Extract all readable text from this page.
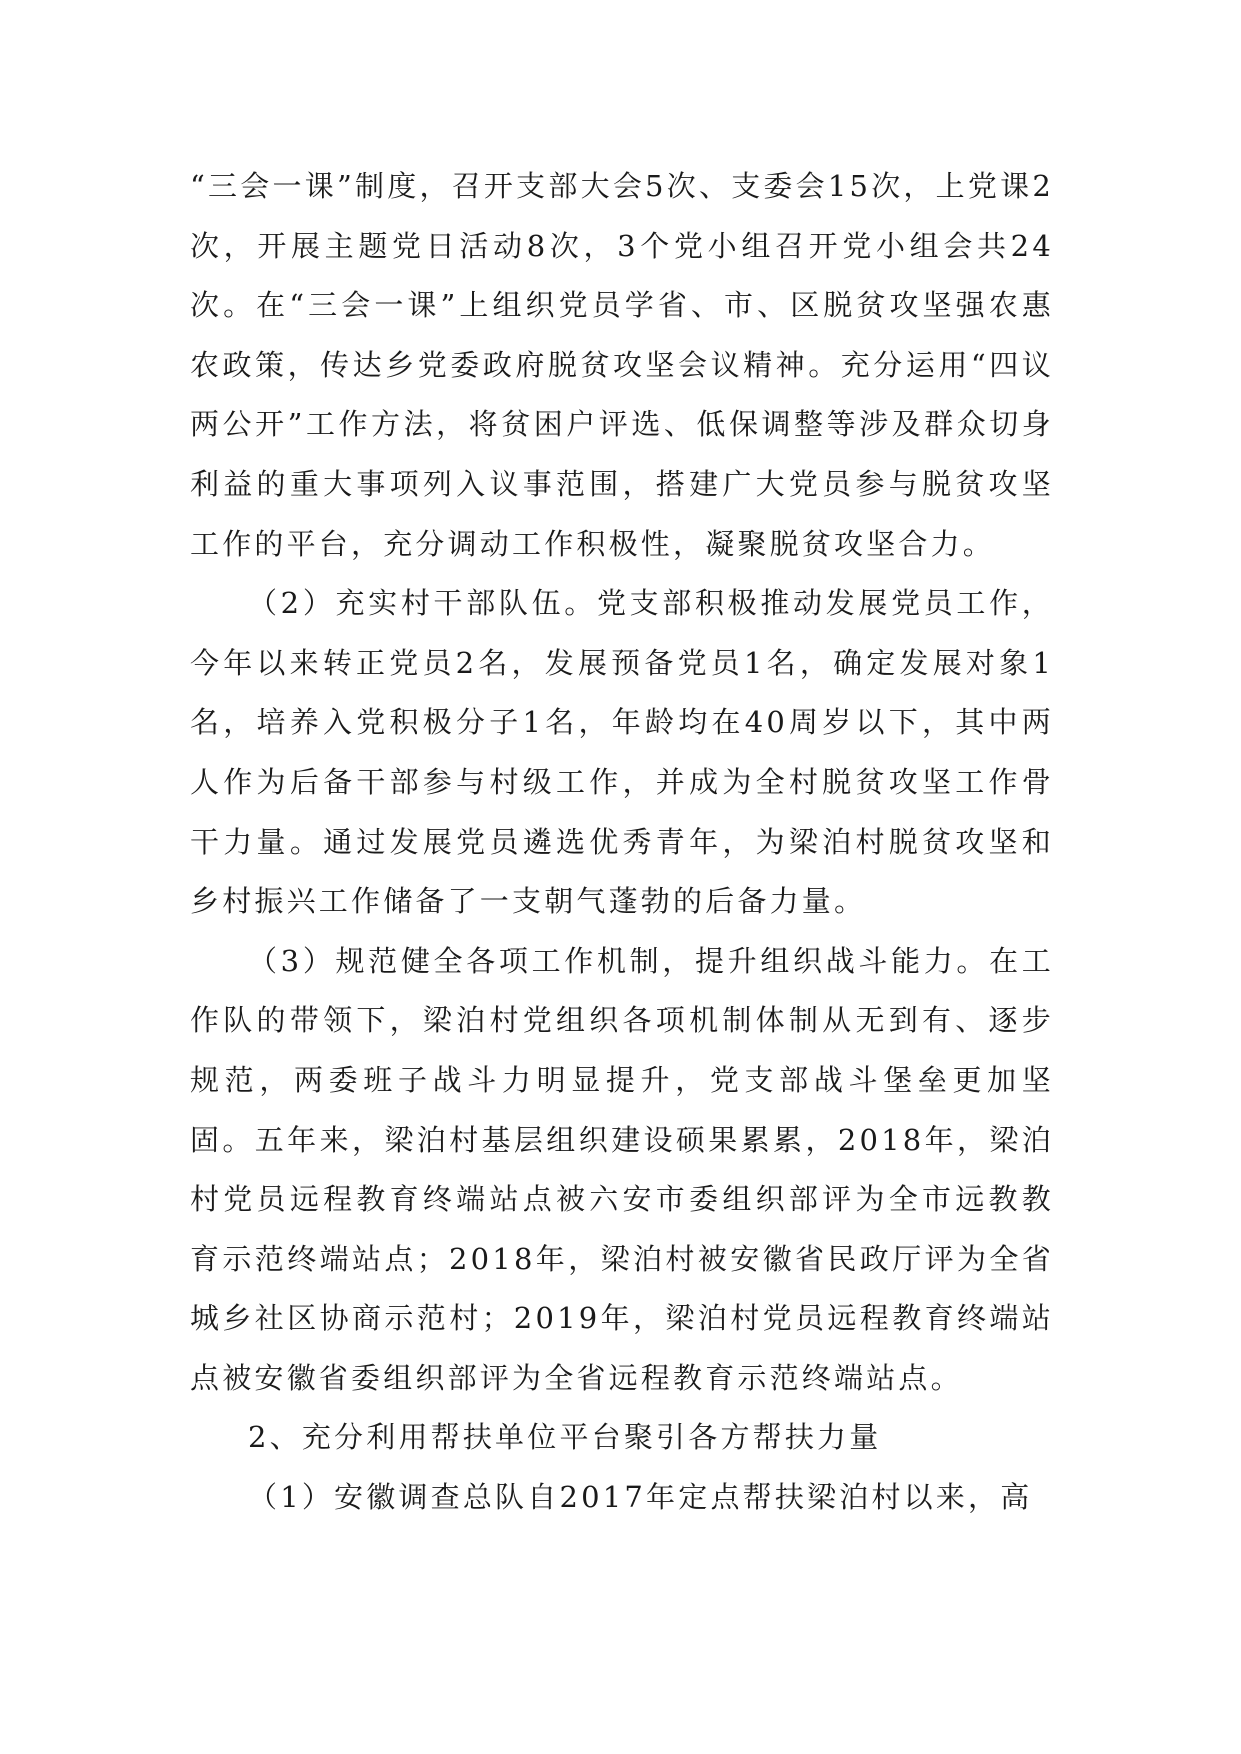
“三会一课”制度，召开支部大会5次、支委会15次，上党课2次，开展主题党日活动8次，3个党小组召开党小组会共24次。在“三会一课”上组织党员学省、市、区脱贫攻坚强农惠农政策，传达乡党委政府脱贫攻坚会议精神。充分运用“四议两公开”工作方法，将贫困户评选、低保调整等涉及群众切身利益的重大事项列入议事范围，搭建广大党员参与脱贫攻坚工作的平台，充分调动工作积极性，凝聚脱贫攻坚合力。

（2）充实村干部队伍。党支部积极推动发展党员工作，今年以来转正党员2名，发展预备党员1名，确定发展对象1名，培养入党积极分子1名，年龄均在40周岁以下，其中两人作为后备干部参与村级工作，并成为全村脱贫攻坚工作骨干力量。通过发展党员遴选优秀青年，为梁泊村脱贫攻坚和乡村振兴工作储备了一支朝气蓬勃的后备力量。

（3）规范健全各项工作机制，提升组织战斗能力。在工作队的带领下，梁泊村党组织各项机制体制从无到有、逐步规范，两委班子战斗力明显提升，党支部战斗堡垒更加坚固。五年来，梁泊村基层组织建设硕果累累，2018年，梁泊村党员远程教育终端站点被六安市委组织部评为全市远教教育示范终端站点；2018年，梁泊村被安徽省民政厅评为全省城乡社区协商示范村；2019年，梁泊村党员远程教育终端站点被安徽省委组织部评为全省远程教育示范终端站点。

2、充分利用帮扶单位平台聚引各方帮扶力量

（1）安徽调查总队自2017年定点帮扶梁泊村以来，高
